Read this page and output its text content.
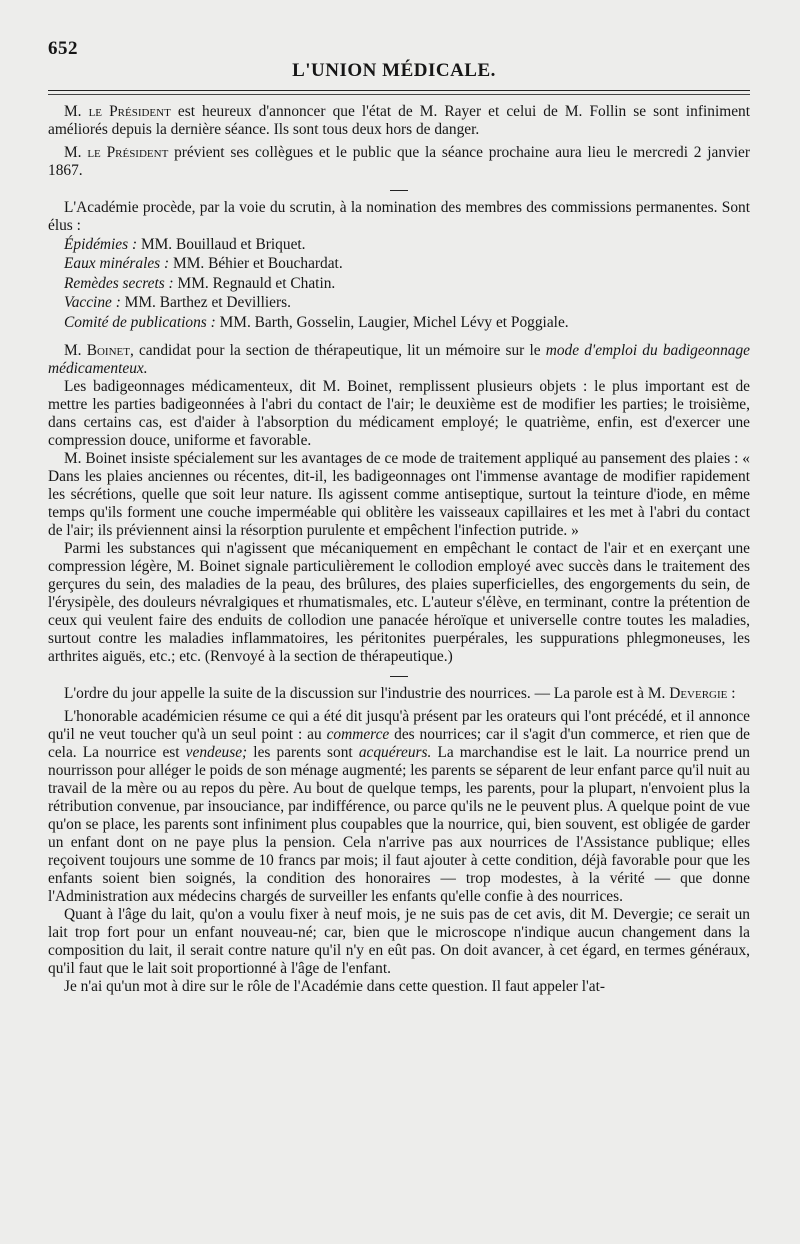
652
L'UNION MÉDICALE.

M. le Président est heureux d'annoncer que l'état de M. Rayer et celui de M. Follin se sont infiniment améliorés depuis la dernière séance. Ils sont tous deux hors de danger.

M. le Président prévient ses collègues et le public que la séance prochaine aura lieu le mercredi 2 janvier 1867.

L'Académie procède, par la voie du scrutin, à la nomination des membres des commissions permanentes. Sont élus :

Épidémies : MM. Bouillaud et Briquet.
Eaux minérales : MM. Béhier et Bouchardat.
Remèdes secrets : MM. Regnauld et Chatin.
Vaccine : MM. Barthez et Devilliers.
Comité de publications : MM. Barth, Gosselin, Laugier, Michel Lévy et Poggiale.

M. Boinet, candidat pour la section de thérapeutique, lit un mémoire sur le mode d'emploi du badigeonnage médicamenteux.

Les badigeonnages médicamenteux, dit M. Boinet, remplissent plusieurs objets : le plus important est de mettre les parties badigeonnées à l'abri du contact de l'air; le deuxième est de modifier les parties; le troisième, dans certains cas, est d'aider à l'absorption du médicament employé; le quatrième, enfin, est d'exercer une compression douce, uniforme et favorable.

M. Boinet insiste spécialement sur les avantages de ce mode de traitement appliqué au pansement des plaies : « Dans les plaies anciennes ou récentes, dit-il, les badigeonnages ont l'immense avantage de modifier rapidement les sécrétions, quelle que soit leur nature. Ils agissent comme antiseptique, surtout la teinture d'iode, en même temps qu'ils forment une couche imperméable qui oblitère les vaisseaux capillaires et les met à l'abri du contact de l'air; ils préviennent ainsi la résorption purulente et empêchent l'infection putride. »

Parmi les substances qui n'agissent que mécaniquement en empêchant le contact de l'air et en exerçant une compression légère, M. Boinet signale particulièrement le collodion employé avec succès dans le traitement des gerçures du sein, des maladies de la peau, des brûlures, des plaies superficielles, des engorgements du sein, de l'érysipèle, des douleurs névralgiques et rhumatismales, etc. L'auteur s'élève, en terminant, contre la prétention de ceux qui veulent faire des enduits de collodion une panacée héroïque et universelle contre toutes les maladies, surtout contre les maladies inflammatoires, les péritonites puerpérales, les suppurations phlegmoneuses, les arthrites aiguës, etc.; etc. (Renvoyé à la section de thérapeutique.)

L'ordre du jour appelle la suite de la discussion sur l'industrie des nourrices. — La parole est à M. Devergie :

L'honorable académicien résume ce qui a été dit jusqu'à présent par les orateurs qui l'ont précédé, et il annonce qu'il ne veut toucher qu'à un seul point : au commerce des nourrices; car il s'agit d'un commerce, et rien que de cela. La nourrice est vendeuse; les parents sont acquéreurs. La marchandise est le lait. La nourrice prend un nourrisson pour alléger le poids de son ménage augmenté; les parents se séparent de leur enfant parce qu'il nuit au travail de la mère ou au repos du père. Au bout de quelque temps, les parents, pour la plupart, n'envoient plus la rétribution convenue, par insouciance, par indifférence, ou parce qu'ils ne le peuvent plus. A quelque point de vue qu'on se place, les parents sont infiniment plus coupables que la nourrice, qui, bien souvent, est obligée de garder un enfant dont on ne paye plus la pension. Cela n'arrive pas aux nourrices de l'Assistance publique; elles reçoivent toujours une somme de 10 francs par mois; il faut ajouter à cette condition, déjà favorable pour que les enfants soient bien soignés, la condition des honoraires — trop modestes, à la vérité — que donne l'Administration aux médecins chargés de surveiller les enfants qu'elle confie à des nourrices.

Quant à l'âge du lait, qu'on a voulu fixer à neuf mois, je ne suis pas de cet avis, dit M. Devergie; ce serait un lait trop fort pour un enfant nouveau-né; car, bien que le microscope n'indique aucun changement dans la composition du lait, il serait contre nature qu'il n'y en eût pas. On doit avancer, à cet égard, en termes généraux, qu'il faut que le lait soit proportionné à l'âge de l'enfant.

Je n'ai qu'un mot à dire sur le rôle de l'Académie dans cette question. Il faut appeler l'at-
